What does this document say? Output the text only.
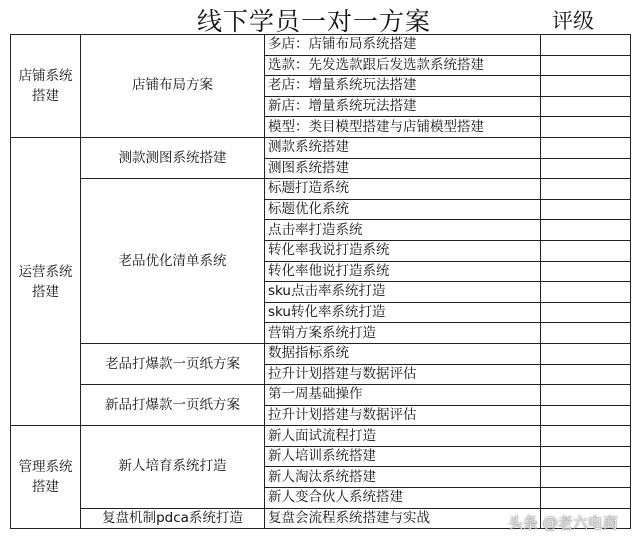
线下学员一对一方案	评级
店铺系统搭建	店铺布局方案	多店：店铺布局系统搭建	
		选款：先发选款跟后发选款系统搭建	
		老店：增量系统玩法搭建	
		新店：增量系统玩法搭建	
		模型：类目模型搭建与店铺模型搭建	
运营系统搭建	测款测图系统搭建	测款系统搭建	
		测图系统搭建	
	老品优化清单系统	标题打造系统	
		标题优化系统	
		点击率打造系统	
		转化率我说打造系统	
		转化率他说打造系统	
		sku点击率系统打造	
		sku转化率系统打造	
		营销方案系统打造	
	老品打爆款一页纸方案	数据指标系统	
		拉升计划搭建与数据评估	
	新品打爆款一页纸方案	第一周基础操作	
		拉升计划搭建与数据评估	
管理系统搭建	新人培育系统打造	新人面试流程打造	
		新人培训系统搭建	
		新人淘汰系统搭建	
		新人变合伙人系统搭建	
	复盘机制pdca系统打造	复盘会流程系统搭建与实战		头条 @老六电商
